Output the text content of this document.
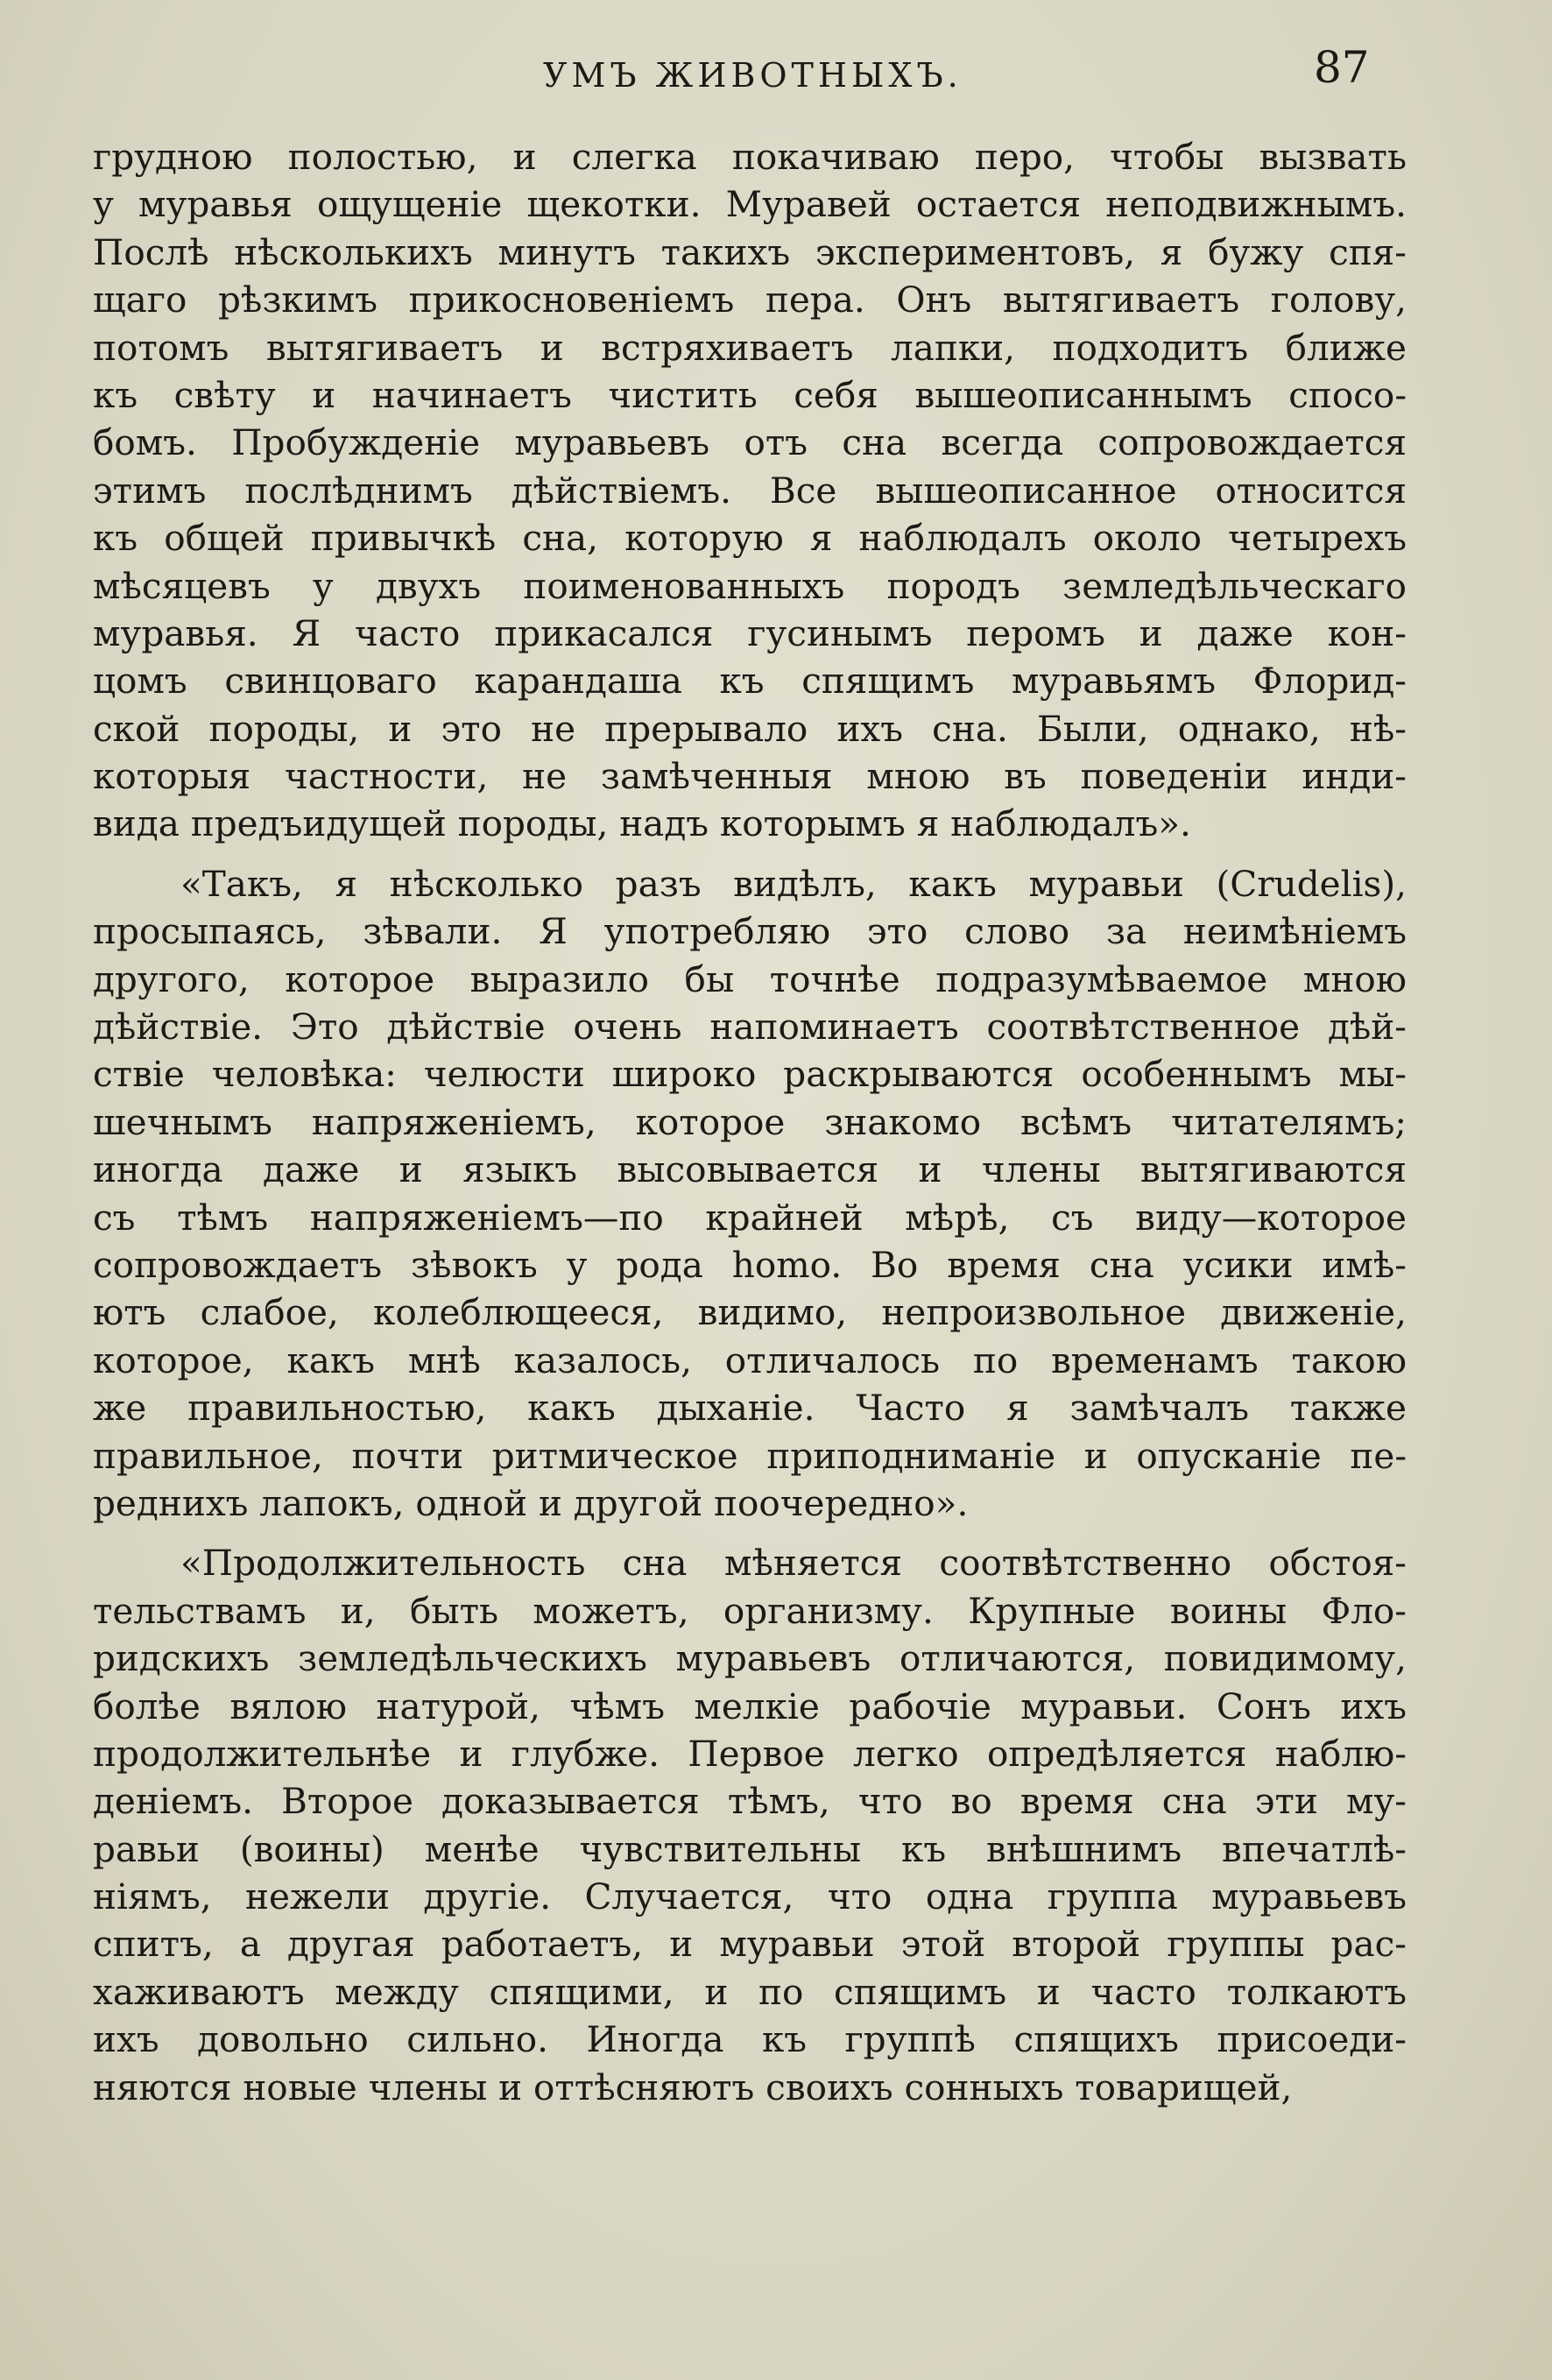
УМЪ ЖИВОТНЫХЪ.	87
грудною полостью, и слегка покачиваю перо, чтобы вызвать
у муравья ощущеніе щекотки. Муравей остается неподвижнымъ.
Послѣ нѣсколькихъ минутъ такихъ экспериментовъ, я бужу спя-
щаго рѣзкимъ прикосновеніемъ пера. Онъ вытягиваетъ голову,
потомъ вытягиваетъ и встряхиваетъ лапки, подходитъ ближе
къ свѣту и начинаетъ чистить себя вышеописаннымъ спосо-
бомъ. Пробужденіе муравьевъ отъ сна всегда сопровождается
этимъ послѣднимъ дѣйствіемъ. Все вышеописанное относится
къ общей привычкѣ сна, которую я наблюдалъ около четырехъ
мѣсяцевъ у двухъ поименованныхъ породъ земледѣльческаго
муравья. Я часто прикасался гусинымъ перомъ и даже кон-
цомъ свинцоваго карандаша къ спящимъ муравьямъ Флорид-
ской породы, и это не прерывало ихъ сна. Были, однако, нѣ-
которыя частности, не замѣченныя мною въ поведеніи инди-
вида предъидущей породы, надъ которымъ я наблюдалъ».
«Такъ, я нѣсколько разъ видѣлъ, какъ муравьи (Crudelis),
просыпаясь, зѣвали. Я употребляю это слово за неимѣніемъ
другого, которое выразило бы точнѣе подразумѣваемое мною
дѣйствіе. Это дѣйствіе очень напоминаетъ соотвѣтственное дѣй-
ствіе человѣка: челюсти широко раскрываются особеннымъ мы-
шечнымъ напряженіемъ, которое знакомо всѣмъ читателямъ;
иногда даже и языкъ высовывается и члены вытягиваются
съ тѣмъ напряженіемъ—по крайней мѣрѣ, съ виду—которое
сопровождаетъ зѣвокъ у рода homo. Во время сна усики имѣ-
ютъ слабое, колеблющееся, видимо, непроизвольное движеніе,
которое, какъ мнѣ казалось, отличалось по временамъ такою
же правильностью, какъ дыханіе. Часто я замѣчалъ также
правильное, почти ритмическое приподниманіе и опусканіе пе-
реднихъ лапокъ, одной и другой поочередно».
«Продолжительность сна мѣняется соотвѣтственно обстоя-
тельствамъ и, быть можетъ, организму. Крупные воины Фло-
ридскихъ земледѣльческихъ муравьевъ отличаются, повидимому,
болѣе вялою натурой, чѣмъ мелкіе рабочіе муравьи. Сонъ ихъ
продолжительнѣе и глубже. Первое легко опредѣляется наблю-
деніемъ. Второе доказывается тѣмъ, что во время сна эти му-
равьи (воины) менѣе чувствительны къ внѣшнимъ впечатлѣ-
ніямъ, нежели другіе. Случается, что одна группа муравьевъ
спитъ, а другая работаетъ, и муравьи этой второй группы рас-
хаживаютъ между спящими, и по спящимъ и часто толкаютъ
ихъ довольно сильно. Иногда къ группѣ спящихъ присоеди-
няются новые члены и оттѣсняютъ своихъ сонныхъ товарищей,
